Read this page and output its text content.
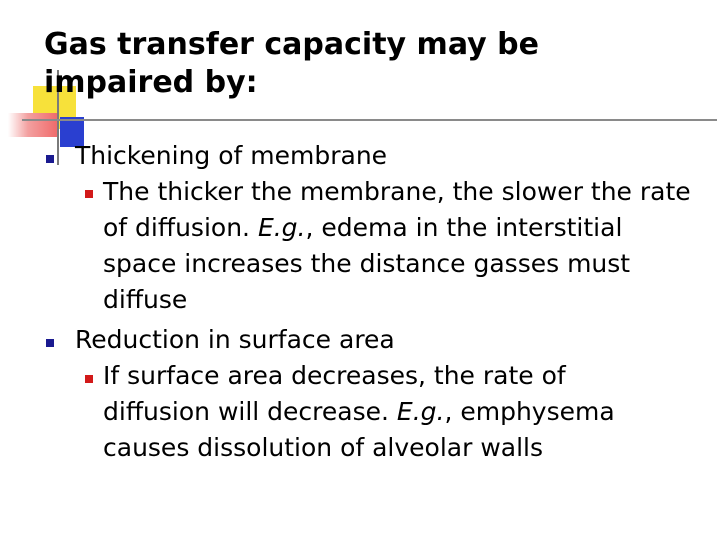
Gas transfer capacity may be impaired by:
Thickening of membrane
The thicker the membrane, the slower the rate of diffusion. E.g., edema in the interstitial space increases the distance gasses must diffuse
Reduction in surface area
If surface area decreases, the rate of diffusion will decrease. E.g., emphysema causes dissolution of alveolar walls
